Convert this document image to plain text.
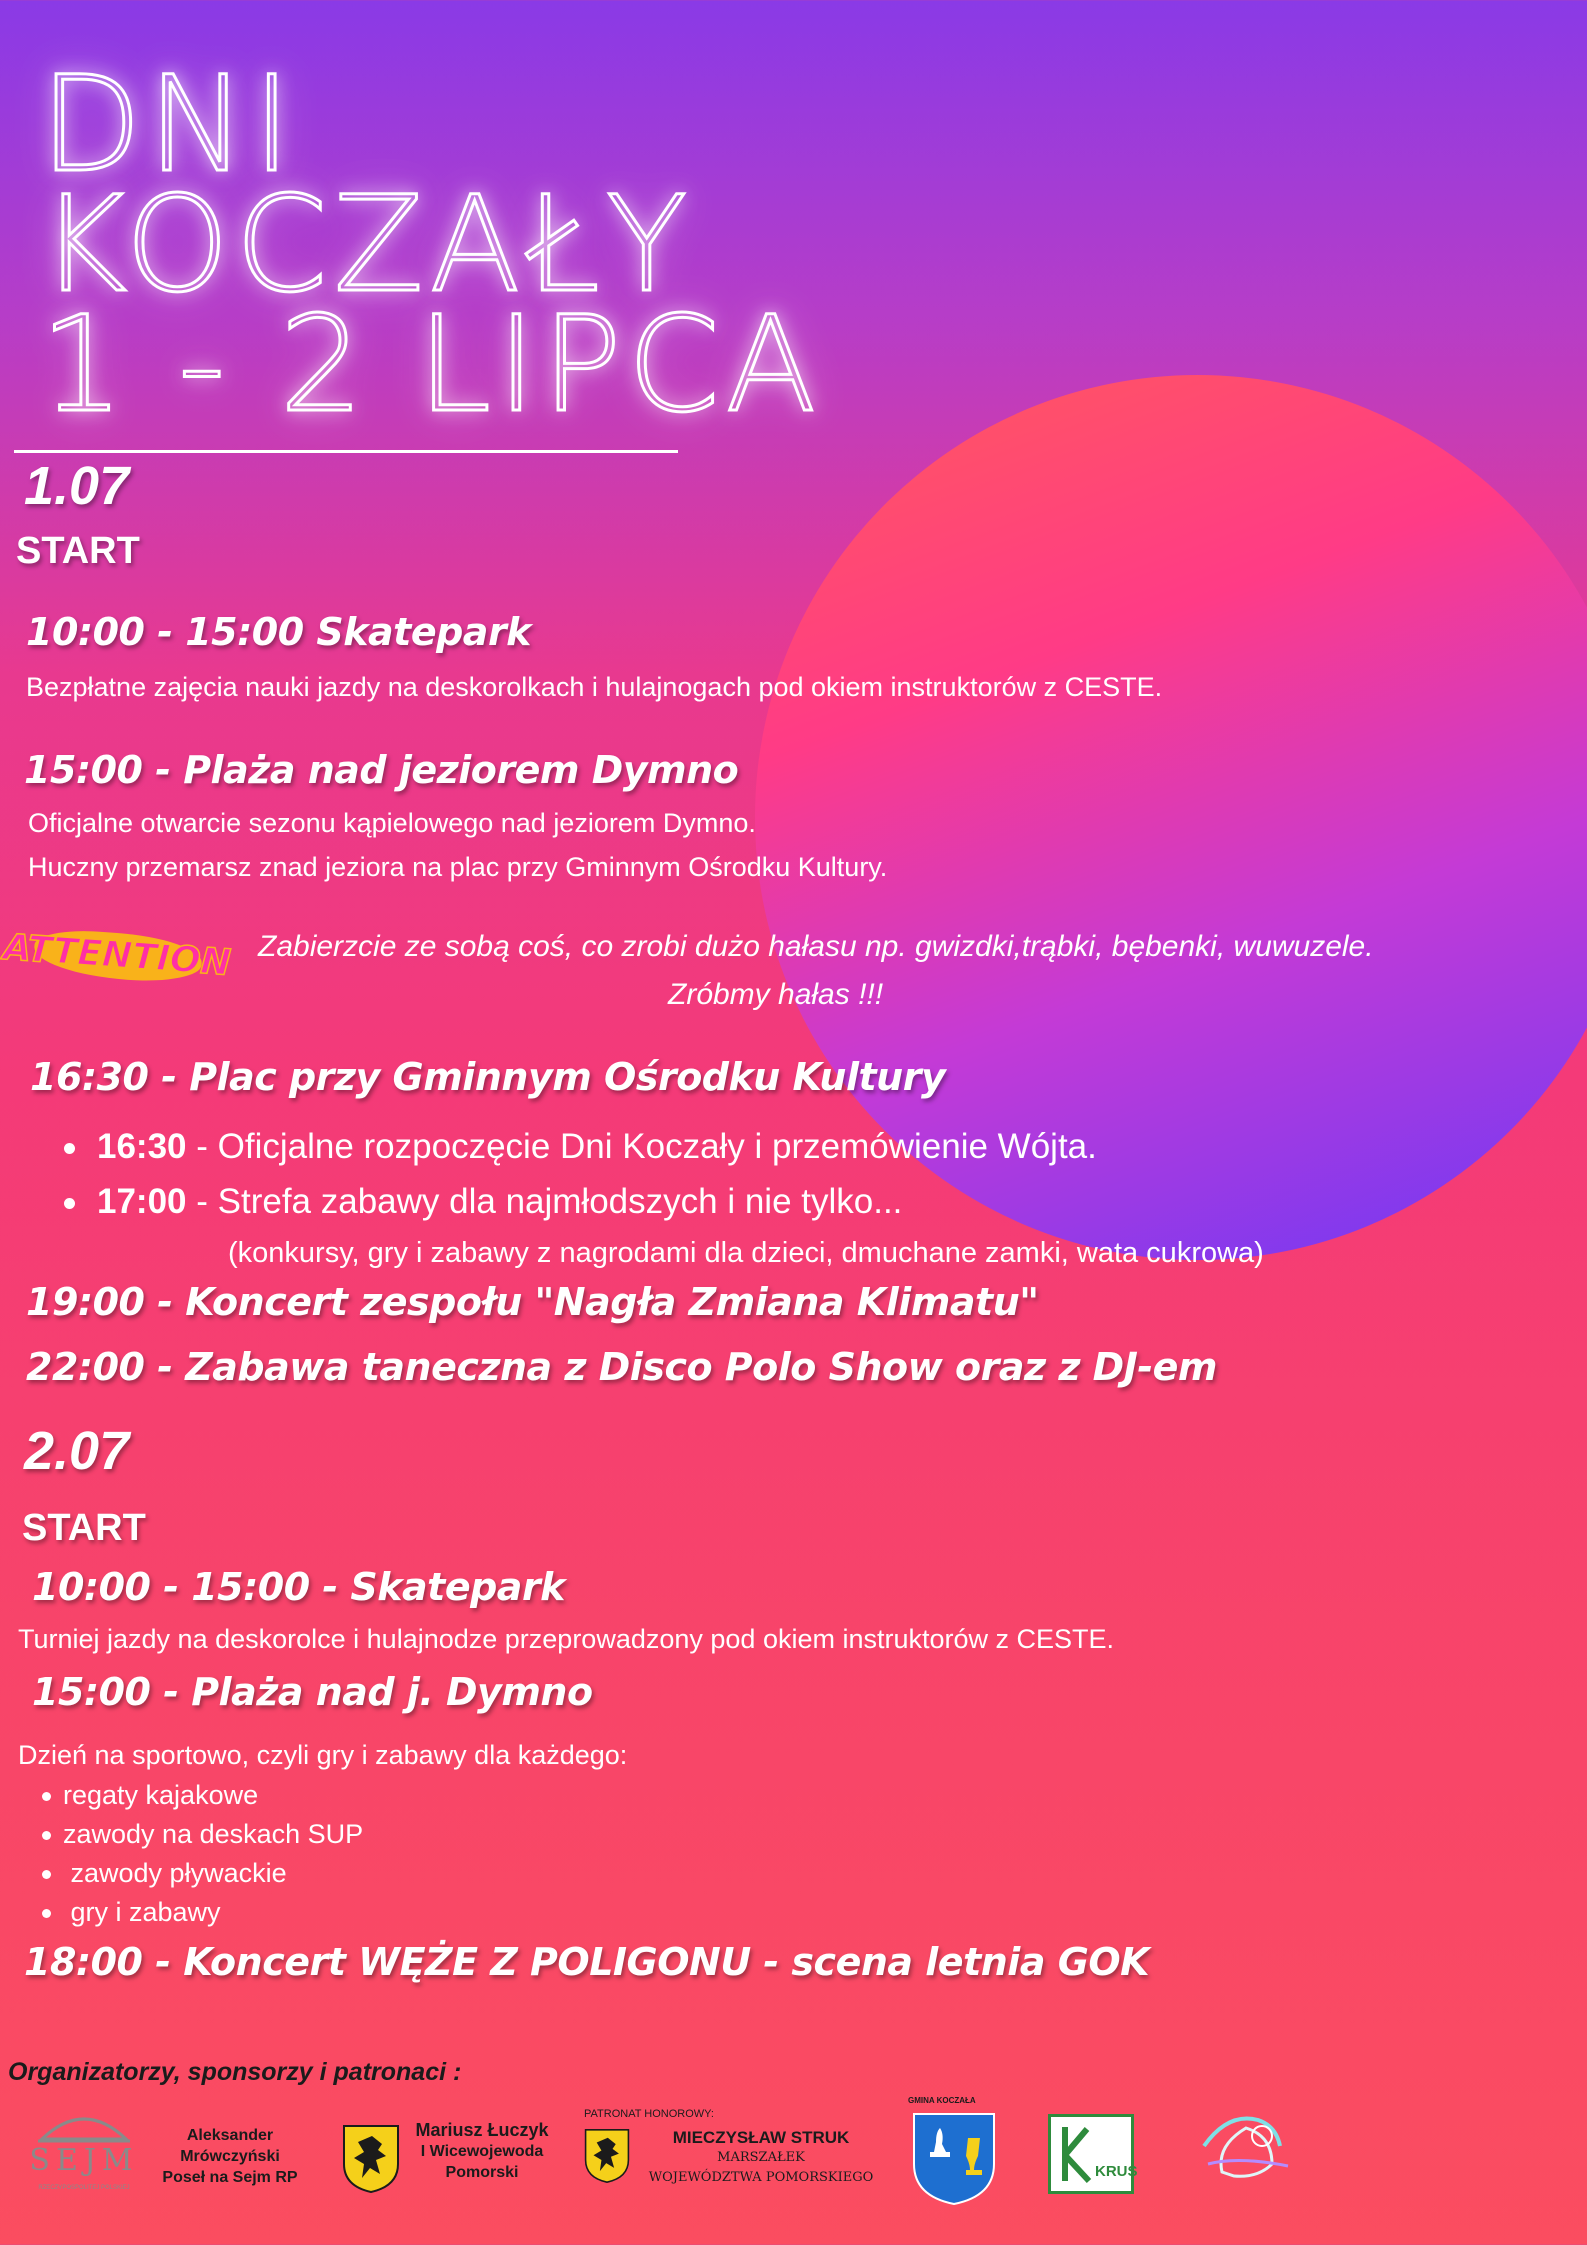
DNI
KOCZAŁY
1 - 2 LIPCA
1.07
START
10:00 - 15:00 Skatepark
Bezpłatne zajęcia nauki jazdy na deskorolkach i hulajnogach pod okiem instruktorów z CESTE.
15:00 - Plaża nad jeziorem Dymno
Oficjalne otwarcie sezonu kąpielowego nad jeziorem Dymno.
Huczny przemarsz znad jeziora na plac przy Gminnym Ośrodku Kultury.
ATTENTION Zabierzcie ze sobą coś, co zrobi dużo hałasu np. gwizdki,trąbki, bębenki, wuwuzele.
Zróbmy hałas !!!
16:30 - Plac przy Gminnym Ośrodku Kultury
16:30 - Oficjalne rozpoczęcie Dni Koczały i przemówienie Wójta.
17:00 - Strefa zabawy dla najmłodszych i nie tylko...
(konkursy, gry i zabawy z nagrodami dla dzieci, dmuchane zamki, wata cukrowa)
19:00 - Koncert zespołu "Nagła Zmiana Klimatu"
22:00 - Zabawa taneczna z Disco Polo Show oraz z DJ-em
2.07
START
10:00 - 15:00 - Skatepark
Turniej jazdy na deskorolce i hulajnodze przeprowadzony pod okiem instruktorów z CESTE.
15:00 - Plaża nad j. Dymno
Dzień na sportowo, czyli gry i zabawy dla każdego:
regaty kajakowe
zawody na deskach SUP
zawody pływackie
gry i zabawy
18:00 - Koncert WĘŻE Z POLIGONU - scena letnia GOK
Organizatorzy, sponsorzy i patronaci :
SEJM
RZECZYPOSPOLITEJ POLSKIEJ
Aleksander
Mrówczyński
Poseł na Sejm RP
Mariusz Łuczyk
I Wicewojewoda
Pomorski
PATRONAT HONOROWY:
MIECZYSŁAW STRUK
MARSZAŁEK
WOJEWÓDZTWA POMORSKIEGO
GMINA KOCZAŁA
KRUS
